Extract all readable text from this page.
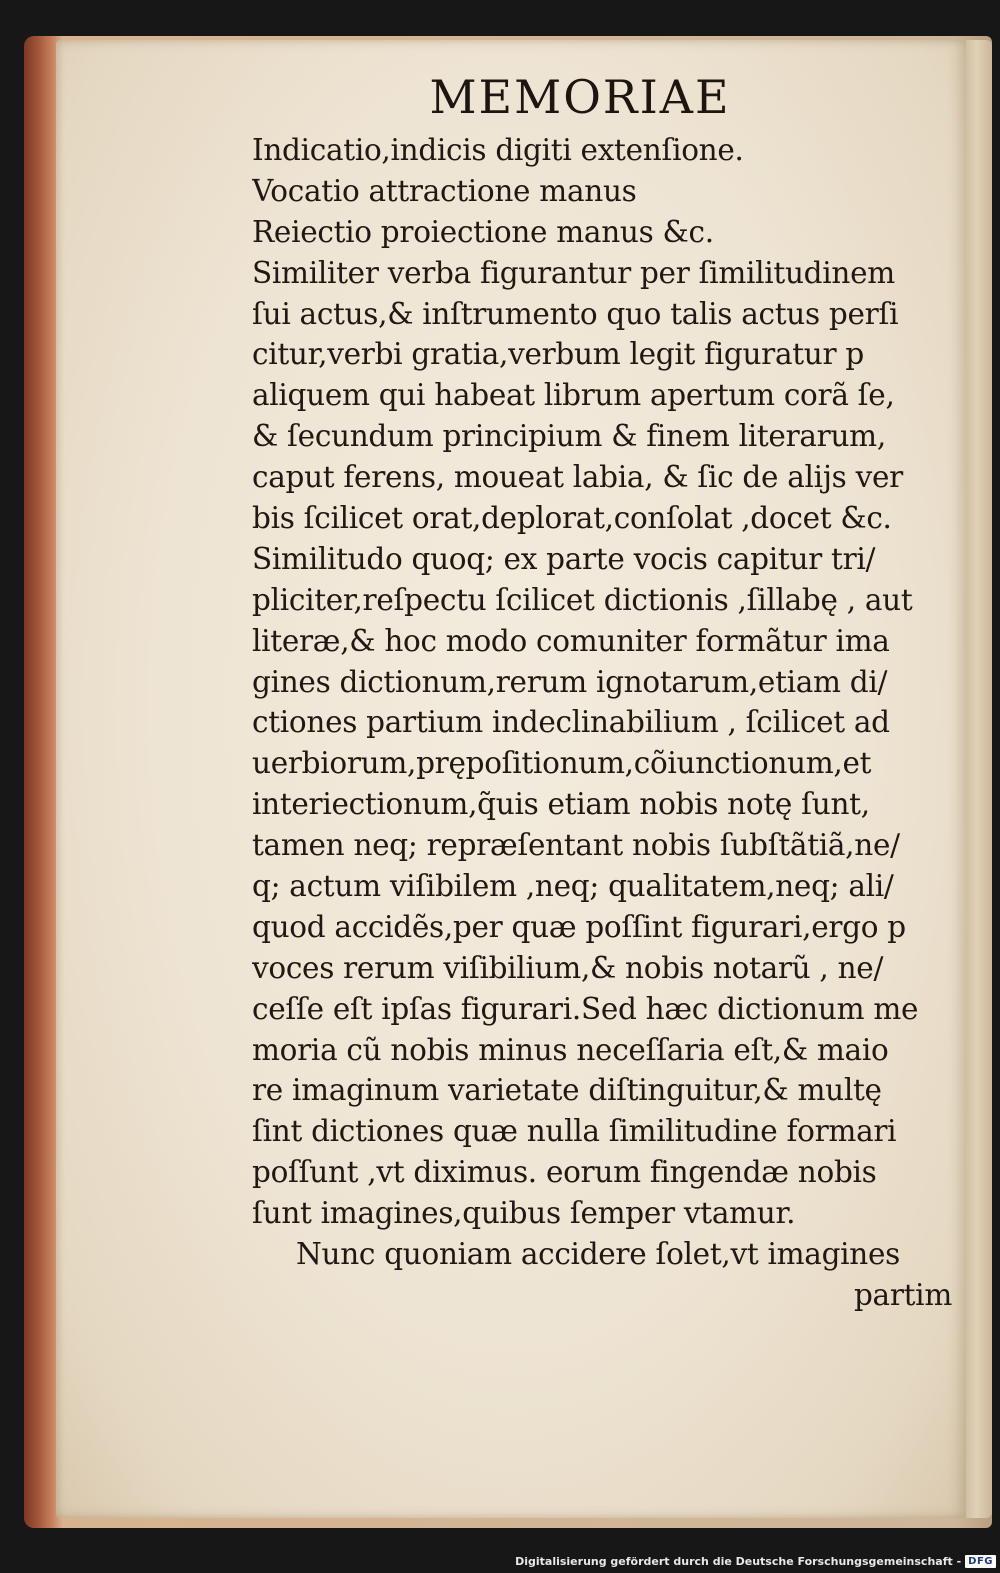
MEMORIAE
Indicatio,indicis digiti extenſione.
Vocatio attractione manus
Reiectio proiectione manus &c.
Similiter verba figurantur per ſimilitudinem
ſui actus,& inſtrumento quo talis actus perſi
citur,verbi gratia,verbum legit figuratur p
aliquem qui habeat librum apertum corã ſe,
& ſecundum principium & finem literarum,
caput ferens, moueat labia, & ſic de alijs ver
bis ſcilicet orat,deplorat,conſolat ,docet &c.
Similitudo quoq; ex parte vocis capitur tri/
pliciter,reſpectu ſcilicet dictionis ,ſillabę , aut
literæ,& hoc modo comuniter formãtur ima
gines dictionum,rerum ignotarum,etiam di/
ctiones partium indeclinabilium , ſcilicet ad
uerbiorum,prępoſitionum,cõiunctionum,et
interiectionum,q̃uis etiam nobis notę ſunt,
tamen neq; repræſentant nobis ſubſtãtiã,ne/
q; actum viſibilem ,neq; qualitatem,neq; ali/
quod accidẽs,per quæ poſſint figurari,ergo p
voces rerum viſibilium,& nobis notarũ , ne/
ceſſe eſt ipſas figurari.Sed hæc dictionum me
moria cũ nobis minus neceſſaria eſt,& maio
re imaginum varietate diſtinguitur,& multę
ſint dictiones quæ nulla ſimilitudine formari
poſſunt ,vt diximus. eorum fingendæ nobis
ſunt imagines,quibus ſemper vtamur.
Nunc quoniam accidere ſolet,vt imagines
partim
Digitalisierung gefördert durch die Deutsche Forschungsgemeinschaft - DFG
